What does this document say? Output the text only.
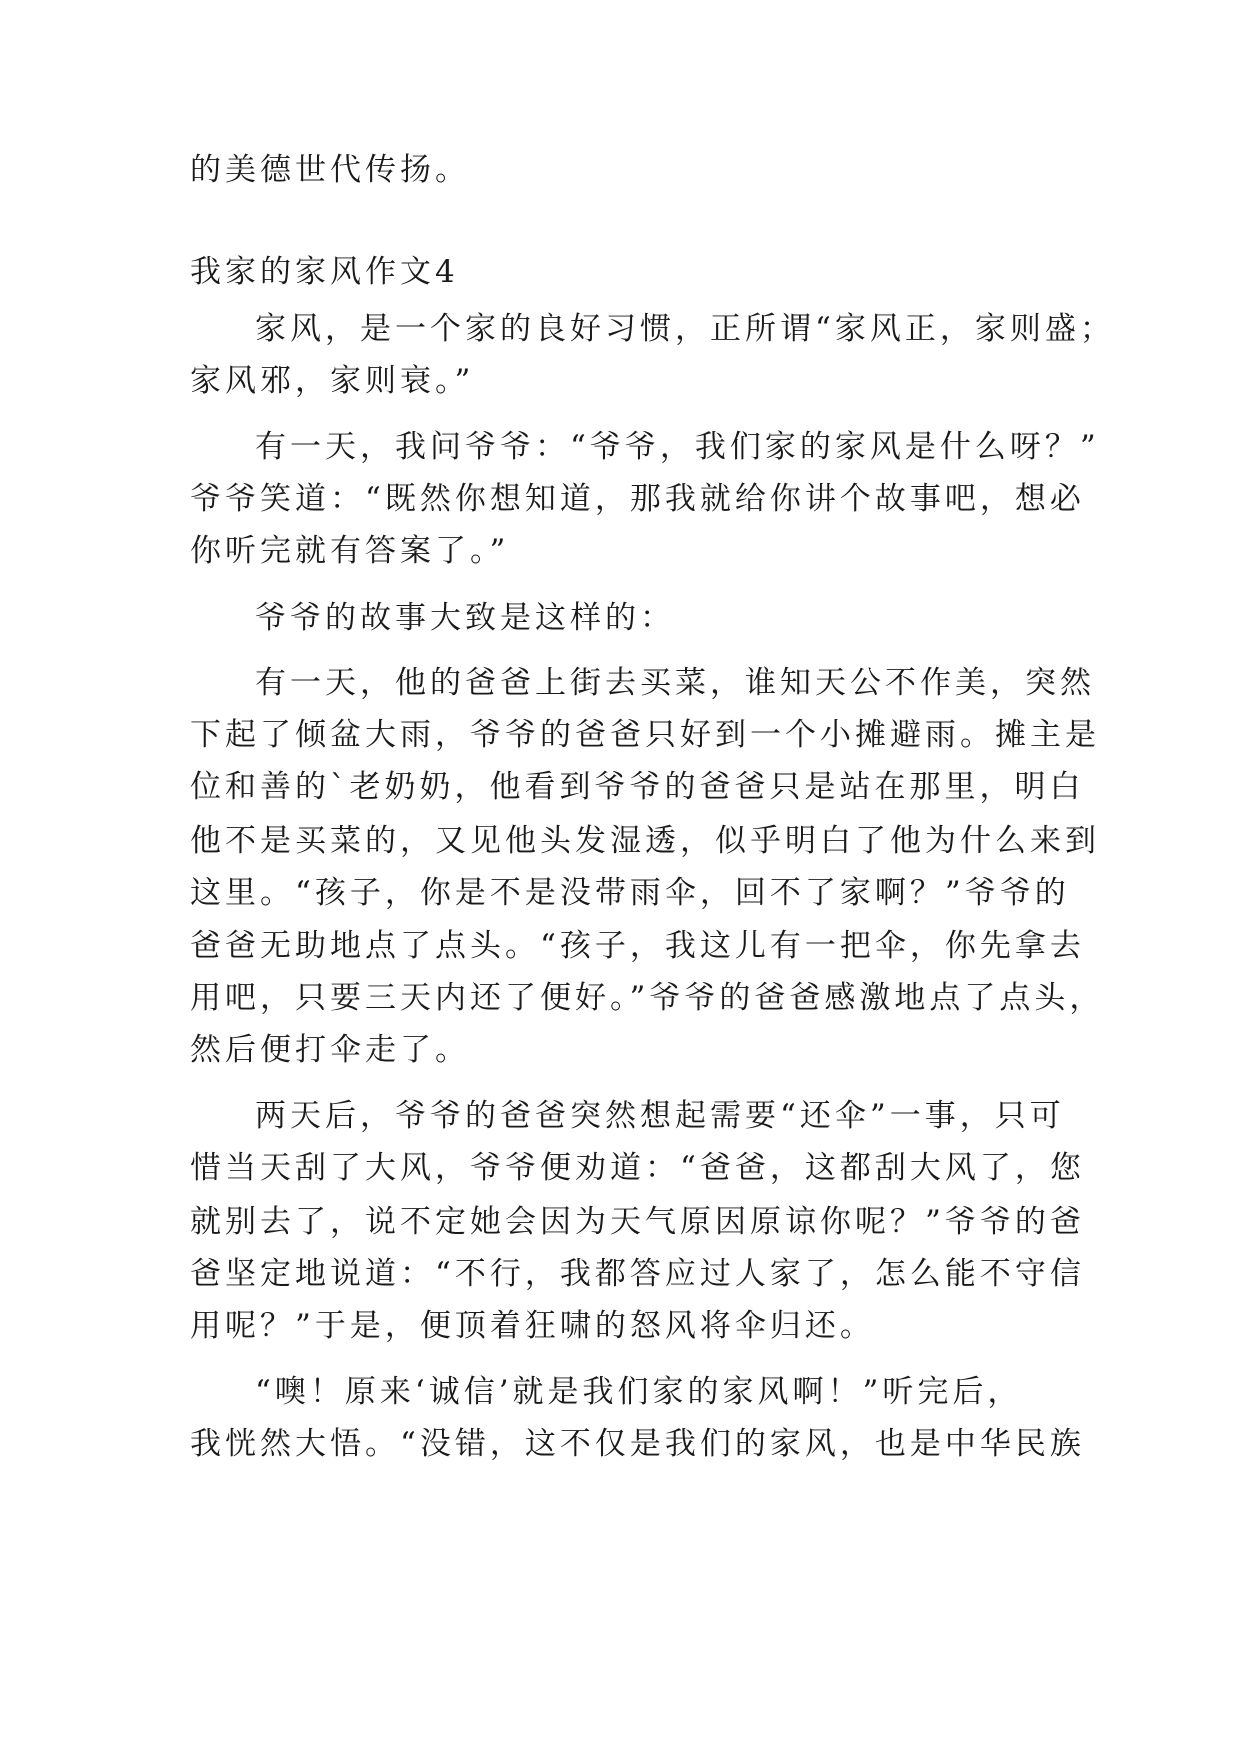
的美德世代传扬。
我家的家风作文4
家风，是一个家的良好习惯，正所谓“家风正，家则盛；
家风邪，家则衰。”
有一天，我问爷爷：“爷爷，我们家的家风是什么呀？”
爷爷笑道：“既然你想知道，那我就给你讲个故事吧，想必
你听完就有答案了。”
爷爷的故事大致是这样的：
有一天，他的爸爸上街去买菜，谁知天公不作美，突然
下起了倾盆大雨，爷爷的爸爸只好到一个小摊避雨。摊主是
位和善的`老奶奶，他看到爷爷的爸爸只是站在那里，明白
他不是买菜的，又见他头发湿透，似乎明白了他为什么来到
这里。“孩子，你是不是没带雨伞，回不了家啊？”爷爷的
爸爸无助地点了点头。“孩子，我这儿有一把伞，你先拿去
用吧，只要三天内还了便好。”爷爷的爸爸感激地点了点头，
然后便打伞走了。
两天后，爷爷的爸爸突然想起需要“还伞”一事，只可
惜当天刮了大风，爷爷便劝道：“爸爸，这都刮大风了，您
就别去了，说不定她会因为天气原因原谅你呢？”爷爷的爸
爸坚定地说道：“不行，我都答应过人家了，怎么能不守信
用呢？”于是，便顶着狂啸的怒风将伞归还。
“噢！原来‘诚信’就是我们家的家风啊！”听完后，
我恍然大悟。“没错，这不仅是我们的家风，也是中华民族
